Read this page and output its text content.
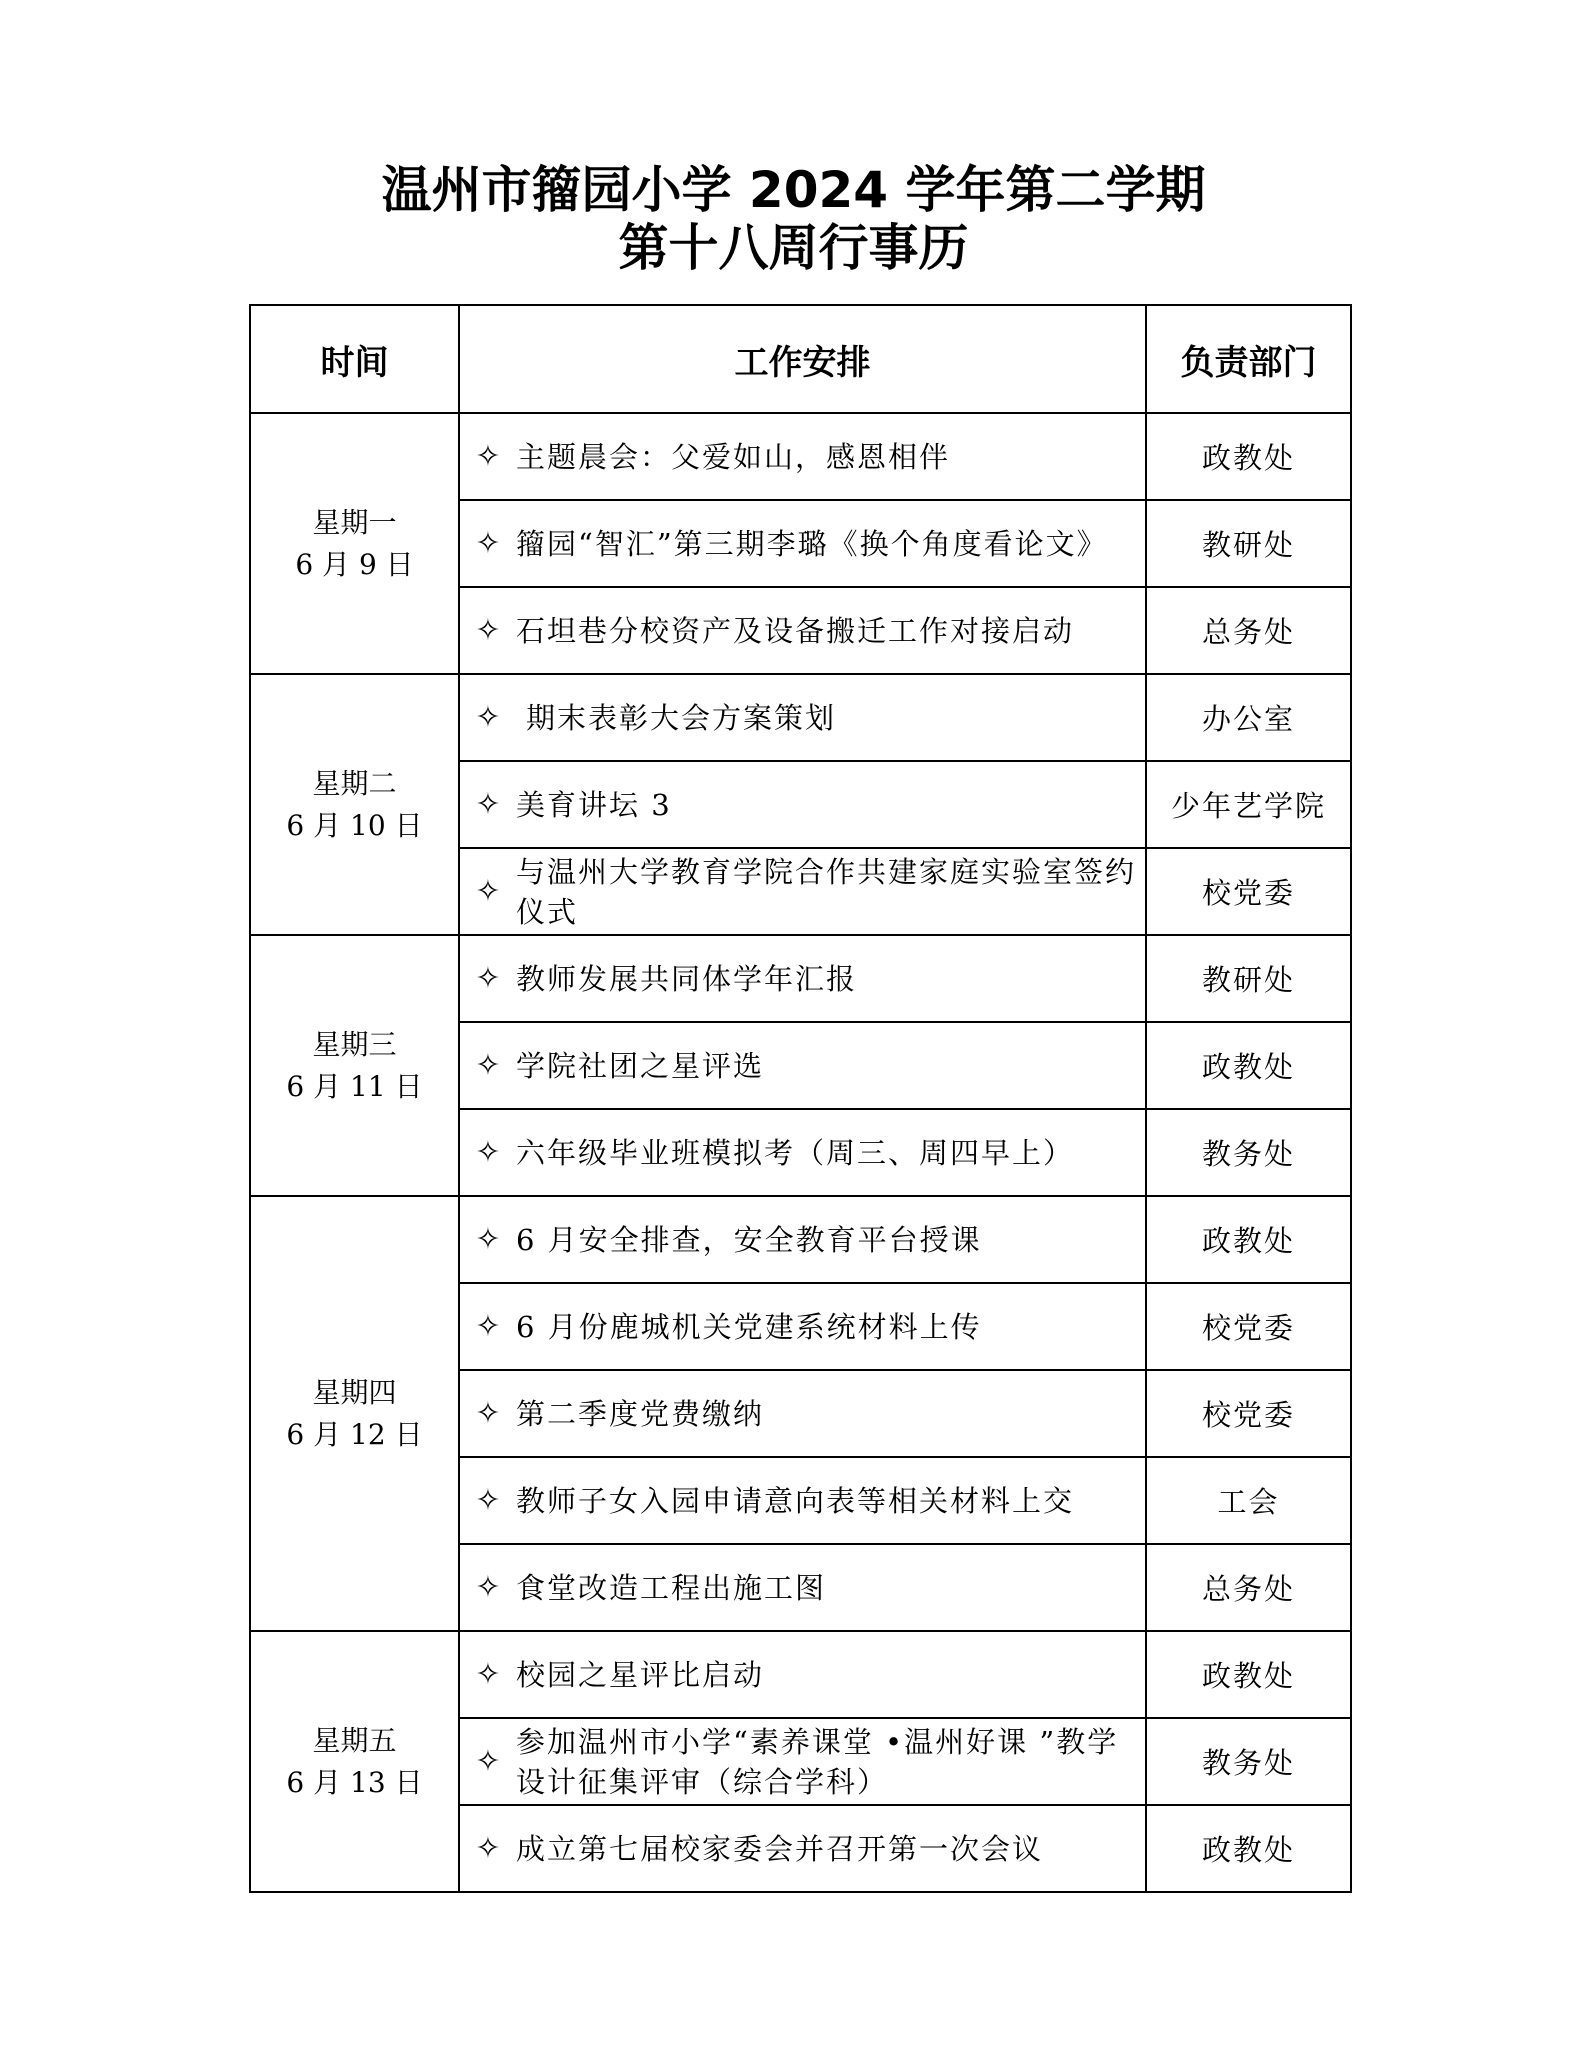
温州市籀园小学 2024 学年第二学期
第十八周行事历
时间	工作安排	负责部门

星期一
6 月 9 日	✧ 主题晨会：父爱如山，感恩相伴	政教处

	✧ 籀园“智汇”第三期李璐《换个角度看论文》	教研处

	✧ 石坦巷分校资产及设备搬迁工作对接启动	总务处

星期二
6 月 10 日	✧ 期末表彰大会方案策划	办公室

	✧ 美育讲坛 3	少年艺学院

	✧
与温州大学教育学院合作共建家庭实验室签约仪式	校党委

星期三
6 月 11 日	✧ 教师发展共同体学年汇报	教研处

	✧ 学院社团之星评选	政教处

	✧ 六年级毕业班模拟考（周三、周四早上）	教务处

星期四
6 月 12 日	✧ 6 月安全排查，安全教育平台授课	政教处

	✧ 6 月份鹿城机关党建系统材料上传	校党委

	✧ 第二季度党费缴纳	校党委

	✧ 教师子女入园申请意向表等相关材料上交	工会

	✧ 食堂改造工程出施工图	总务处

星期五
6 月 13 日	✧ 校园之星评比启动	政教处

	✧
参加温州市小学“素养课堂 •温州好课 ”教学设计征集评审（综合学科）	教务处

	✧ 成立第七届校家委会并召开第一次会议	政教处
